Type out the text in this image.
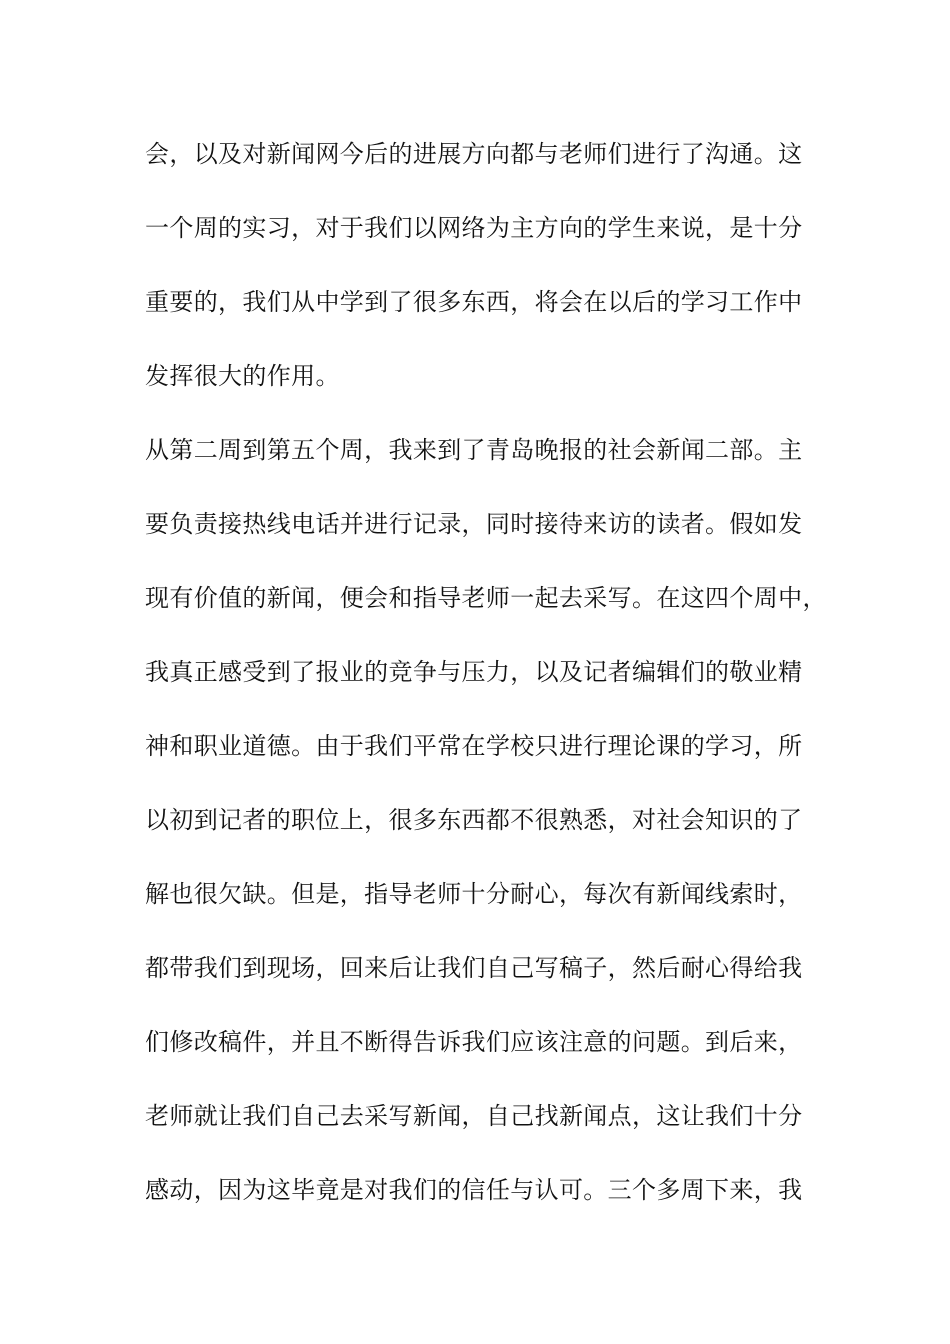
会，以及对新闻网今后的进展方向都与老师们进行了沟通。这
一个周的实习，对于我们以网络为主方向的学生来说，是十分
重要的，我们从中学到了很多东西，将会在以后的学习工作中
发挥很大的作用。
从第二周到第五个周，我来到了青岛晚报的社会新闻二部。主
要负责接热线电话并进行记录，同时接待来访的读者。假如发
现有价值的新闻，便会和指导老师一起去采写。在这四个周中，
我真正感受到了报业的竞争与压力，以及记者编辑们的敬业精
神和职业道德。由于我们平常在学校只进行理论课的学习，所
以初到记者的职位上，很多东西都不很熟悉，对社会知识的了
解也很欠缺。但是，指导老师十分耐心，每次有新闻线索时，
都带我们到现场，回来后让我们自己写稿子，然后耐心得给我
们修改稿件，并且不断得告诉我们应该注意的问题。到后来，
老师就让我们自己去采写新闻，自己找新闻点，这让我们十分
感动，因为这毕竟是对我们的信任与认可。三个多周下来，我
